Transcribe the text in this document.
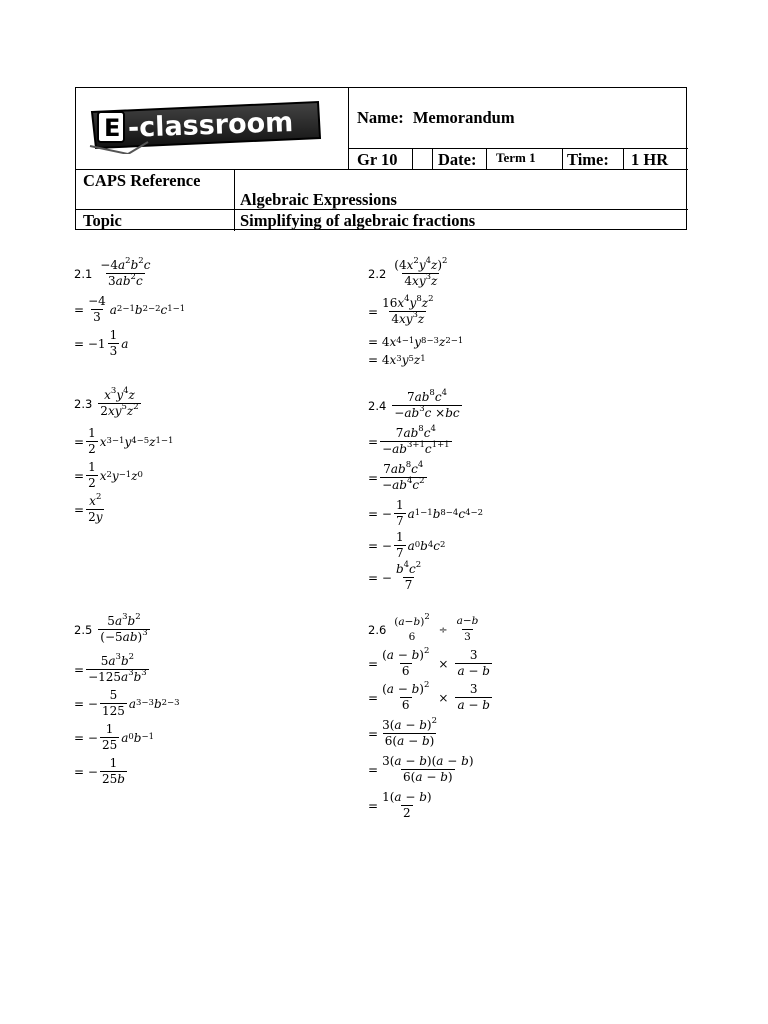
E -classroom	Name: Memorandum
Gr 10 Date: Term 1 Time: 1 HR
CAPS Reference
Algebraic Expressions
Topic	Simplifying of algebraic fractions
$2.1 \frac{-4a^2b^2c}{3ab^2c}$
= $\frac{-4}{3} a^{2-1}$ $b^{2-2}$ $c^{1-1}$
= $-1 \frac{1}{3}$ a
$2.2 \frac{(4x^2y^4z)^2}{4xy^3z}$
= $\frac{16x^4y^8z^2}{4xy^3z}$
= 4 $x^{4-1}$ $y^{8-3}$ $z^{2-1}$
= 4 $x^3$ $y^5$ $z^1$
$2.3 \frac{x^3y^4z}{2xy^5z^2}$
= $\frac{1}{2} x^{3-1}$ $y^{4-5}$ $z^{1-1}$
= $\frac{1}{2} x^2$ $y^{-1}$ $z^0$
= $\frac{x^2}{2y}$
$2.4 \frac{7ab^8c^4}{-ab^3c \times bc}$
= $\frac{7ab^8c^4}{-ab^{3+1}c^{1+1}}$
= $\frac{7ab^8c^4}{-ab^4c^2}$
= − $\frac{1}{7} a^{1-1}$ $b^{8-4}$ $c^{4-2}$
= − $\frac{1}{7} a^0$ $b^4$ $c^2$
= − $\frac{b^4c^2}{7}$
$2.5 \frac{5a^3b^2}{(-5ab)^3}$
= $\frac{5a^3b^2}{-125a^3b^3}$
= − $\frac{5}{125} a^{3-3}$ $b^{2-3}$
= − $\frac{1}{25} a^0$ $b^{-1}$
= − $\frac{1}{25b}$
2.6
$(a-b)^2$
6
÷ $\frac{a-b}{3}$
= $\frac{(a - b)^2}{6} \times \frac{3}{a - b}$
= $\frac{(a - b)^2}{6} \times \frac{3}{a - b}$
= $\frac{3(a - b)^2}{6(a - b)}$
= $\frac{3(a - b)(a - b)}{6(a - b)}$
= $\frac{1(a - b)}{2}$
